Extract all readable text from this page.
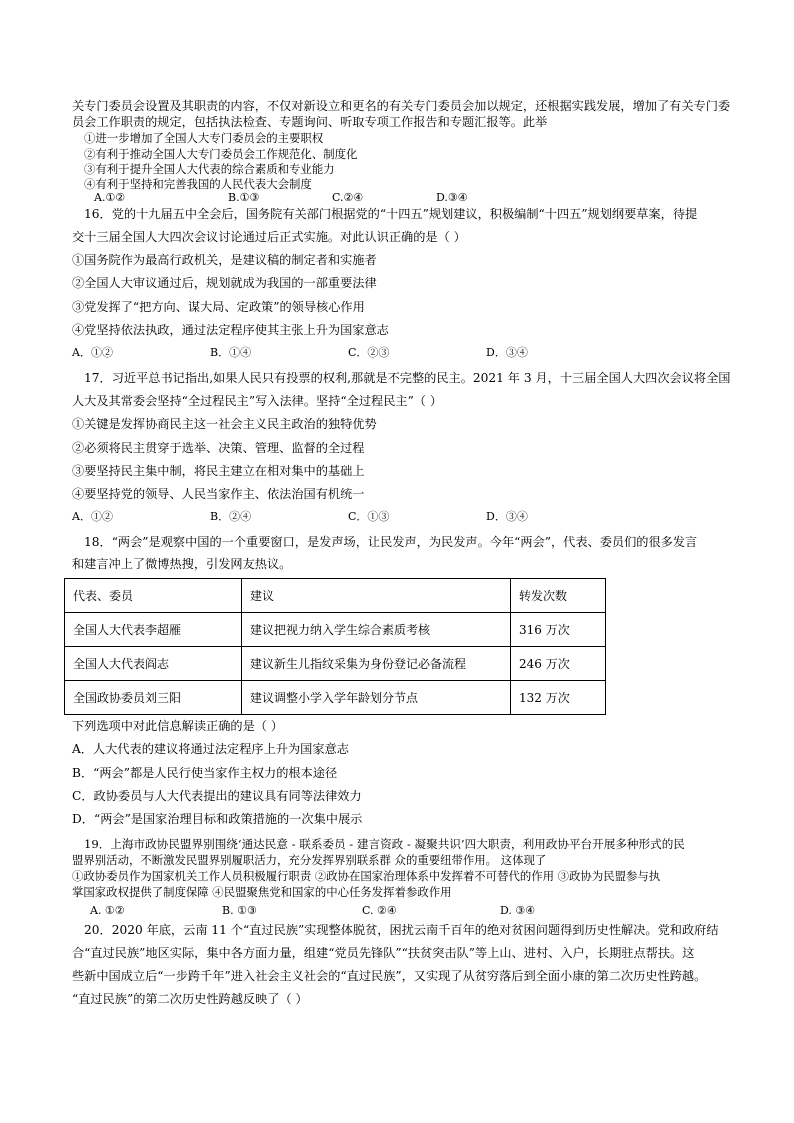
关专门委员会设置及其职责的内容，不仅对新设立和更名的有关专门委员会加以规定，还根据实践发展，增加了有关专门委
员会工作职责的规定，包括执法检查、专题询问、听取专项工作报告和专题汇报等。此举
①进一步增加了全国人大专门委员会的主要职权
②有利于推动全国人大专门委员会工作规范化、制度化
③有利于提升全国人大代表的综合素质和专业能力
④有利于坚持和完善我国的人民代表大会制度
A.①②	B.①③	C.②④	D.③④
16．党的十九届五中全会后，国务院有关部门根据党的“十四五”规划建议，积极编制“十四五”规划纲要草案，待提
交十三届全国人大四次会议讨论通过后正式实施。对此认识正确的是（ ）
①国务院作为最高行政机关，是建议稿的制定者和实施者
②全国人大审议通过后，规划就成为我国的一部重要法律
③党发挥了“把方向、谋大局、定政策”的领导核心作用
④党坚持依法执政，通过法定程序使其主张上升为国家意志
A．①②	B．①④	C．②③	D．③④
17．习近平总书记指出,如果人民只有投票的权利,那就是不完整的民主。2021 年 3 月，十三届全国人大四次会议将全国
人大及其常委会坚持“全过程民主”写入法律。坚持“全过程民主”（ ）
①关键是发挥协商民主这一社会主义民主政治的独特优势
②必须将民主贯穿于选举、决策、管理、监督的全过程
③要坚持民主集中制，将民主建立在相对集中的基础上
④要坚持党的领导、人民当家作主、依法治国有机统一
A．①②	B．②④	C．①③	D．③④
18．“两会”是观察中国的一个重要窗口，是发声场，让民发声，为民发声。今年“两会”，代表、委员们的很多发言
和建言冲上了微博热搜，引发网友热议。
代表、委员	建议	转发次数
全国人大代表李超雁	建议把视力纳入学生综合素质考核	316 万次
全国人大代表阎志	建议新生儿指纹采集为身份登记必备流程	246 万次
全国政协委员刘三阳	建议调整小学入学年龄划分节点	132 万次
下列选项中对此信息解读正确的是（ ）
A．人大代表的建议将通过法定程序上升为国家意志
B．“两会”都是人民行使当家作主权力的根本途径
C．政协委员与人大代表提出的建议具有同等法律效力
D．“两会”是国家治理目标和政策措施的一次集中展示
19．上海市政协民盟界别围绕‘通达民意 - 联系委员 - 建言资政 - 凝聚共识’四大职责，利用政协平台开展多种形式的民
盟界别活动，不断激发民盟界别履职活力，充分发挥界别联系群 众的重要纽带作用。 这体现了
①政协委员作为国家机关工作人员积极履行职责 ②政协在国家治理体系中发挥着不可替代的作用 ③政协为民盟参与执
掌国家政权提供了制度保障 ④民盟聚焦党和国家的中心任务发挥着参政作用
A. ①②	B. ①③	C. ②④	D. ③④
20．2020 年底，云南 11 个“直过民族”实现整体脱贫，困扰云南千百年的绝对贫困问题得到历史性解决。党和政府结
合“直过民族”地区实际，集中各方面力量，组建“党员先锋队”“扶贫突击队”等上山、进村、入户，长期驻点帮扶。这
些新中国成立后“一步跨千年”进入社会主义社会的“直过民族”，又实现了从贫穷落后到全面小康的第二次历史性跨越。
“直过民族”的第二次历史性跨越反映了（ ）
